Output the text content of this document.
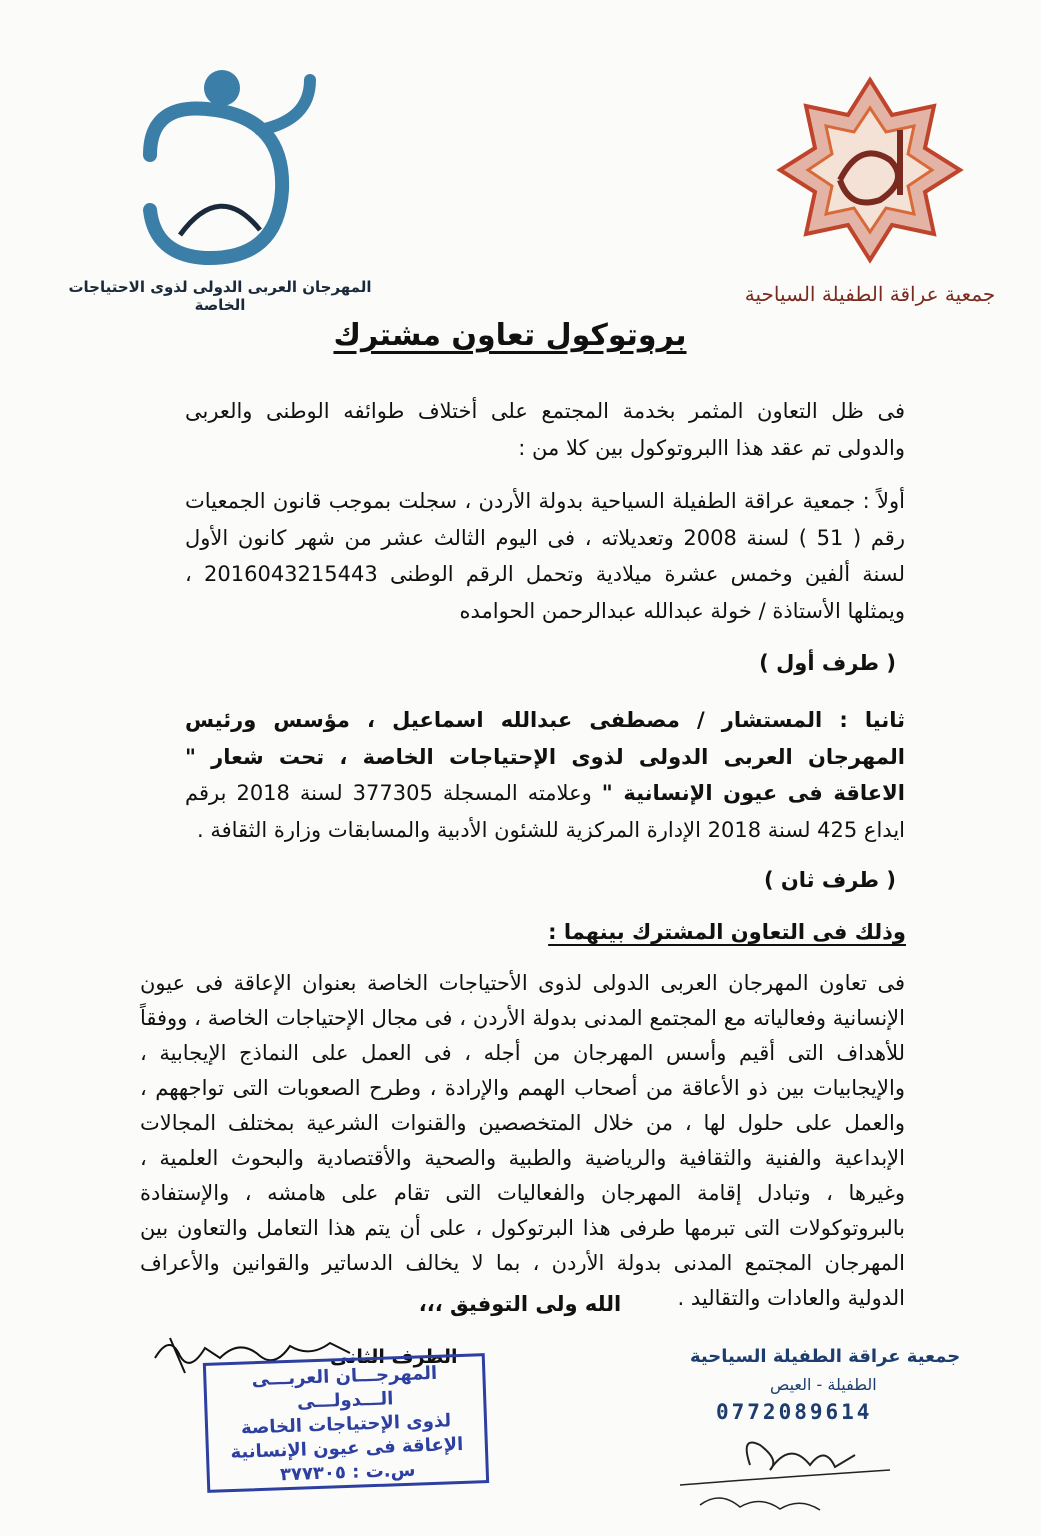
المهرجان العربى الدولى لذوى الاحتياجات الخاصة	جمعية عراقة الطفيلة السياحية
بروتوكول تعاون مشترك
فى ظل التعاون المثمر بخدمة المجتمع على أختلاف طوائفه الوطنى والعربى والدولى تم عقد هذا االبروتوكول بين كلا من :
أولاً : جمعية عراقة الطفيلة السياحية بدولة الأردن ، سجلت بموجب قانون الجمعيات رقم ( 51 ) لسنة 2008 وتعديلاته ، فى اليوم الثالث عشر من شهر كانون الأول لسنة ألفين وخمس عشرة ميلادية وتحمل الرقم الوطنى 2016043215443 ، ويمثلها الأستاذة / خولة عبدالله عبدالرحمن الحوامده
( طرف أول )
ثانيا : المستشار / مصطفى عبدالله اسماعيل ، مؤسس ورئيس المهرجان العربى الدولى لذوى الإحتياجات الخاصة ، تحت شعار " الاعاقة فى عيون الإنسانية " وعلامته المسجلة 377305 لسنة 2018 برقم ايداع 425 لسنة 2018 الإدارة المركزية للشئون الأدبية والمسابقات وزارة الثقافة .
( طرف ثان )
وذلك فى التعاون المشترك بينهما :
فى تعاون المهرجان العربى الدولى لذوى الأحتياجات الخاصة بعنوان الإعاقة فى عيون الإنسانية وفعالياته مع المجتمع المدنى بدولة الأردن ، فى مجال الإحتياجات الخاصة ، ووفقاً للأهداف التى أقيم وأسس المهرجان من أجله ، فى العمل على النماذج الإيجابية ، والإيجابيات بين ذو الأعاقة من أصحاب الهمم والإرادة ، وطرح الصعوبات التى تواجههم ، والعمل على حلول لها ، من خلال المتخصصين والقنوات الشرعية بمختلف المجالات الإبداعية والفنية والثقافية والرياضية والطبية والصحية والأقتصادية والبحوث العلمية ، وغيرها ، وتبادل إقامة المهرجان والفعاليات التى تقام على هامشه ، والإستفادة بالبروتوكولات التى تبرمها طرفى هذا البرتوكول ، على أن يتم هذا التعامل والتعاون بين المهرجان المجتمع المدنى بدولة الأردن ، بما لا يخالف الدساتير والقوانين والأعراف الدولية والعادات والتقاليد .
الله ولى التوفيق ،،،
الطرف الثانى
المهرجـــان العربـــى الـــدولـــى
لذوى الإحتياجات الخاصة
الإعاقة فى عيون الإنسانية
س.ت : ٣٧٧٣٠٥
جمعية عراقة الطفيلة السياحية
الطفيلة - العيص
0772089614
